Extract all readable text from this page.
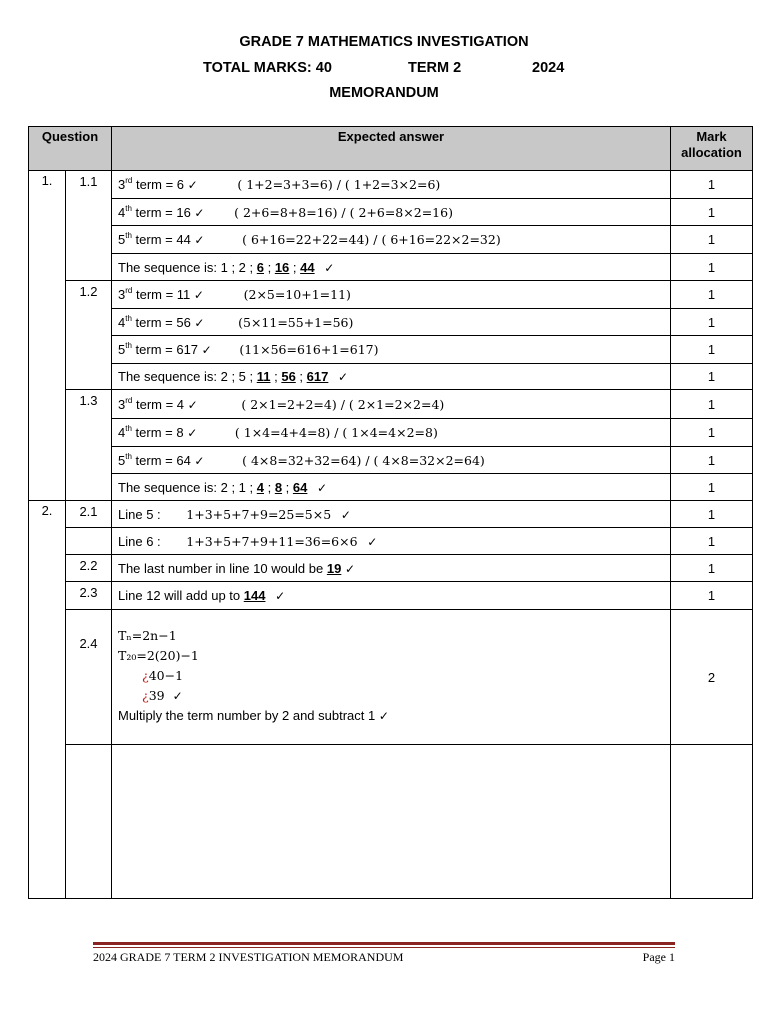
GRADE 7 MATHEMATICS INVESTIGATION
TOTAL MARKS: 40	TERM 2	2024
MEMORANDUM
Question		Expected answer	Mark allocation	
1.	1.1	3rd term = 6 ✓ ( 1+2=3+3=6) / ( 1+2=3×2=6)	1	
		4th term = 16 ✓ ( 2+6=8+8=16) / ( 2+6=8×2=16)	1	
		5th term = 44 ✓ ( 6+16=22+22=44) / ( 6+16=22×2=32)	1	
		The sequence is: 1 ; 2 ; 6 ; 16 ; 44 ✓	1	
	1.2	3rd term = 11 ✓ (2×5=10+1=11)	1	
		4th term = 56 ✓ (5×11=55+1=56)	1	
		5th term = 617 ✓ (11×56=616+1=617)	1	
		The sequence is: 2 ; 5 ; 11 ; 56 ; 617 ✓	1	
	1.3	3rd term = 4 ✓ ( 2×1=2+2=4) / ( 2×1=2×2=4)	1	
		4th term = 8 ✓ ( 1×4=4+4=8) / ( 1×4=4×2=8)	1	
		5th term = 64 ✓ ( 4×8=32+32=64) / ( 4×8=32×2=64)	1	
		The sequence is: 2 ; 1 ; 4 ; 8 ; 64 ✓	1	
2.	2.1	Line 5 : 1+3+5+7+9=25=5×5 ✓	1	
		Line 6 : 1+3+5+7+9+11=36=6×6 ✓	1	
	2.2	The last number in line 10 would be 19 ✓	1	
	2.3	Line 12 will add up to 144 ✓	1	
	2.4	Tₙ=2n−1
T₂₀=2(20)−1
¿40−1
¿39 ✓
Multiply the term number by 2 and subtract 1 ✓	2	

2024 GRADE 7 TERM 2 INVESTIGATION MEMORANDUM	Page 1
